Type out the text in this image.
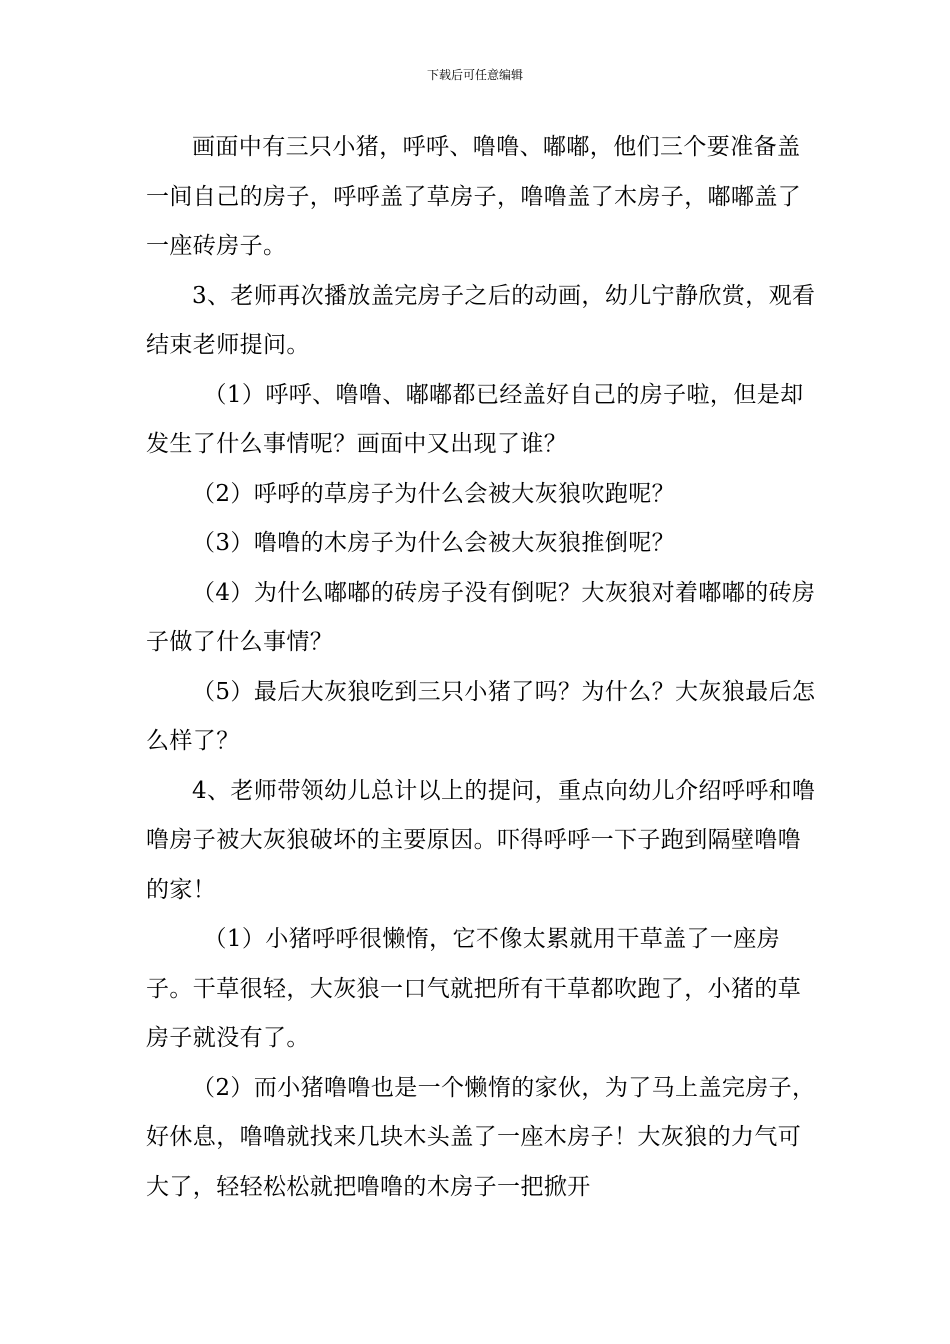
下载后可任意编辑

画面中有三只小猪，呼呼、噜噜、嘟嘟，他们三个要准备盖一间自己的房子，呼呼盖了草房子，噜噜盖了木房子，嘟嘟盖了一座砖房子。

3、老师再次播放盖完房子之后的动画，幼儿宁静欣赏，观看结束老师提问。

（1）呼呼、噜噜、嘟嘟都已经盖好自己的房子啦，但是却发生了什么事情呢？画面中又出现了谁？

（2）呼呼的草房子为什么会被大灰狼吹跑呢？

（3）噜噜的木房子为什么会被大灰狼推倒呢？

（4）为什么嘟嘟的砖房子没有倒呢？大灰狼对着嘟嘟的砖房子做了什么事情？

（5）最后大灰狼吃到三只小猪了吗？为什么？大灰狼最后怎么样了？

4、老师带领幼儿总计以上的提问，重点向幼儿介绍呼呼和噜噜房子被大灰狼破坏的主要原因。吓得呼呼一下子跑到隔壁噜噜的家！

（1）小猪呼呼很懒惰，它不像太累就用干草盖了一座房子。干草很轻，大灰狼一口气就把所有干草都吹跑了，小猪的草房子就没有了。

（2）而小猪噜噜也是一个懒惰的家伙，为了马上盖完房子，好休息，噜噜就找来几块木头盖了一座木房子！大灰狼的力气可大了，轻轻松松就把噜噜的木房子一把掀开
